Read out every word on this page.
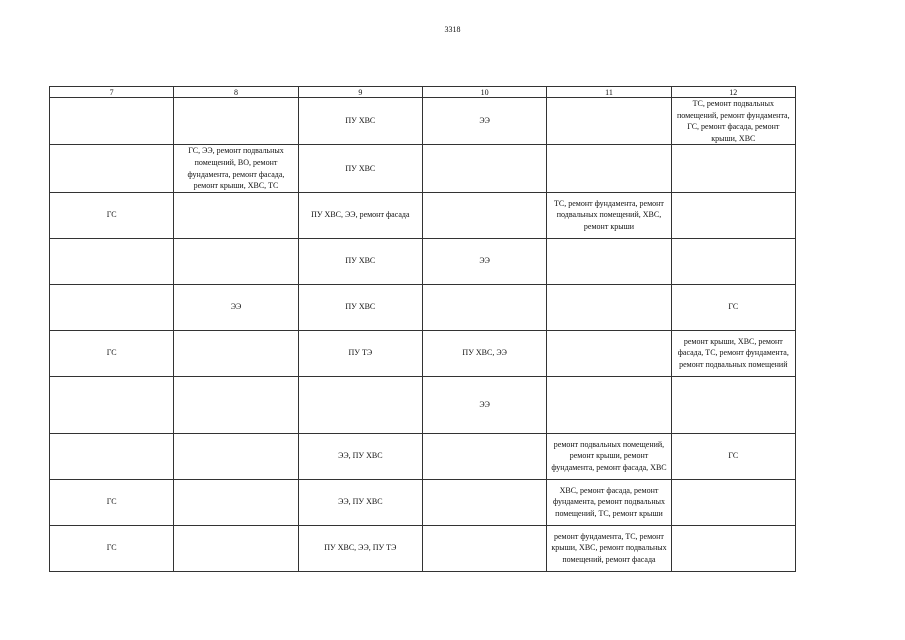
3318
7	8	9	10	11	12
		ПУ ХВС	ЭЭ		ТС, ремонт подвальных помещений, ремонт фундамента, ГС, ремонт фасада, ремонт крыши, ХВС
	ГС, ЭЭ, ремонт подвальных помещений, ВО, ремонт фундамента, ремонт фасада, ремонт крыши, ХВС, ТС	ПУ ХВС			
ГС		ПУ ХВС, ЭЭ, ремонт фасада		ТС, ремонт фундамента, ремонт подвальных помещений, ХВС, ремонт крыши	
		ПУ ХВС	ЭЭ		
	ЭЭ	ПУ ХВС			ГС
ГС		ПУ ТЭ	ПУ ХВС, ЭЭ		ремонт крыши, ХВС, ремонт фасада, ТС, ремонт фундамента, ремонт подвальных помещений
			ЭЭ		
		ЭЭ, ПУ ХВС		ремонт подвальных помещений, ремонт крыши, ремонт фундамента, ремонт фасада, ХВС	ГС
ГС		ЭЭ, ПУ ХВС		ХВС, ремонт фасада, ремонт фундамента, ремонт подвальных помещений, ТС, ремонт крыши	
ГС		ПУ ХВС, ЭЭ, ПУ ТЭ		ремонт фундамента, ТС, ремонт крыши, ХВС, ремонт подвальных помещений, ремонт фасада	
